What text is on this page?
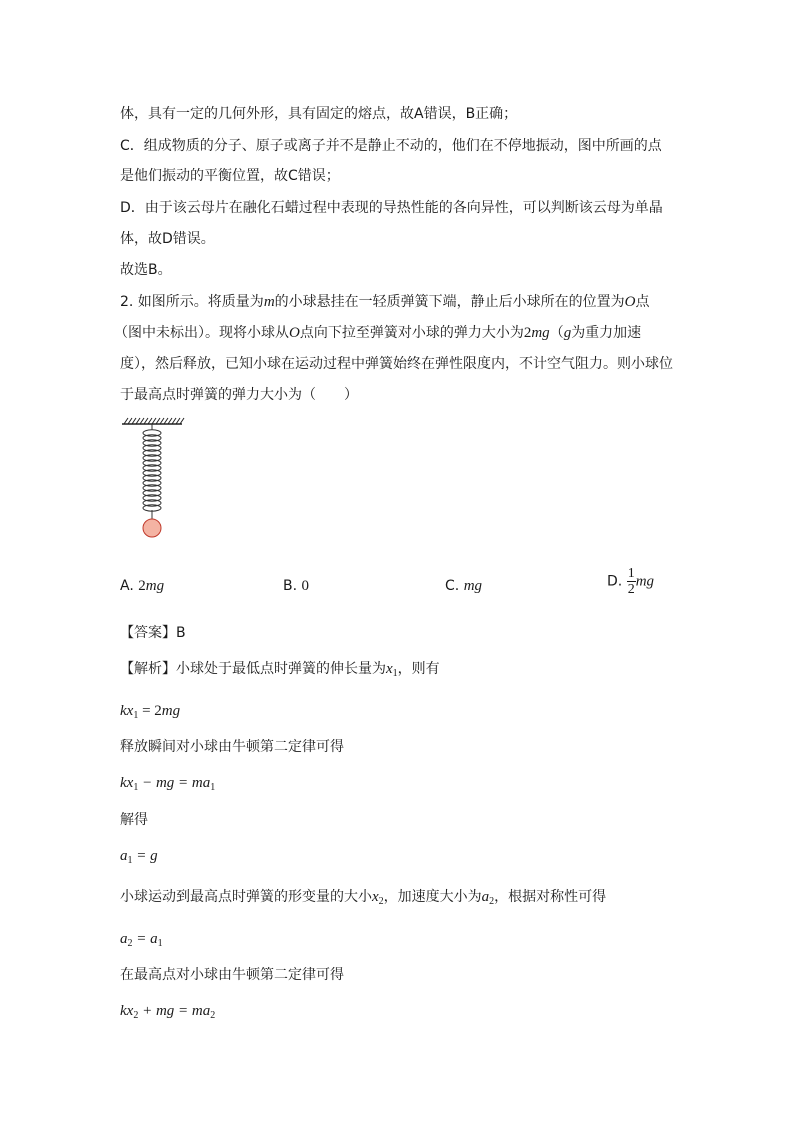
体，具有一定的几何外形，具有固定的熔点，故A错误，B正确；
C．组成物质的分子、原子或离子并不是静止不动的，他们在不停地振动，图中所画的点
是他们振动的平衡位置，故C错误；
D．由于该云母片在融化石蜡过程中表现的导热性能的各向异性，可以判断该云母为单晶
体，故D错误。
故选B。
2. 如图所示。将质量为m的小球悬挂在一轻质弹簧下端，静止后小球所在的位置为O点
（图中未标出）。现将小球从O点向下拉至弹簧对小球的弹力大小为2mg（g为重力加速
度），然后释放，已知小球在运动过程中弹簧始终在弹性限度内，不计空气阻力。则小球位
于最高点时弹簧的弹力大小为（　　）
A. 2mg	B. 0	C. mg	D. $\frac{1}{2}$ mg
【答案】B
【解析】小球处于最低点时弹簧的伸长量为$x_1$，则有
$kx_1 = 2mg$
释放瞬间对小球由牛顿第二定律可得
$kx_1$ − mg = $ma_1$
解得
$a_1 = g$
小球运动到最高点时弹簧的形变量的大小$x_2$，加速度大小为$a_2$，根据对称性可得
$a_2 = a_1$
在最高点对小球由牛顿第二定律可得
$kx_2$ + mg = $ma_2$
